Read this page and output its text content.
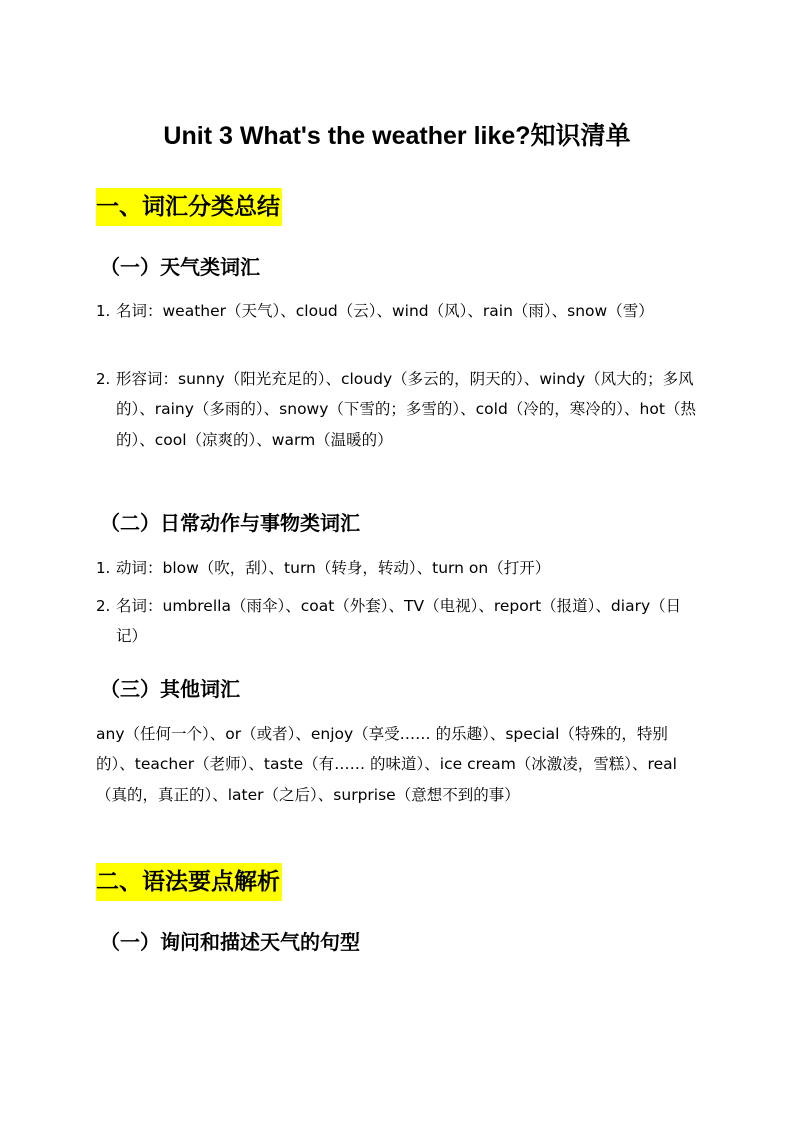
Unit 3 What's the weather like?知识清单
一、词汇分类总结
（一）天气类词汇
1. 名词：weather（天气）、cloud（云）、wind（风）、rain（雨）、snow（雪）
2. 形容词：sunny（阳光充足的）、cloudy（多云的，阴天的）、windy（风大的；多风的）、rainy（多雨的）、snowy（下雪的；多雪的）、cold（冷的，寒冷的）、hot（热的）、cool（凉爽的）、warm（温暖的）
（二）日常动作与事物类词汇
1. 动词：blow（吹，刮）、turn（转身，转动）、turn on（打开）
2. 名词：umbrella（雨伞）、coat（外套）、TV（电视）、report（报道）、diary（日记）
（三）其他词汇
any（任何一个）、or（或者）、enjoy（享受…… 的乐趣）、special（特殊的，特别的）、teacher（老师）、taste（有…… 的味道）、ice cream（冰激凌，雪糕）、real（真的，真正的）、later（之后）、surprise（意想不到的事）
二、语法要点解析
（一）询问和描述天气的句型
